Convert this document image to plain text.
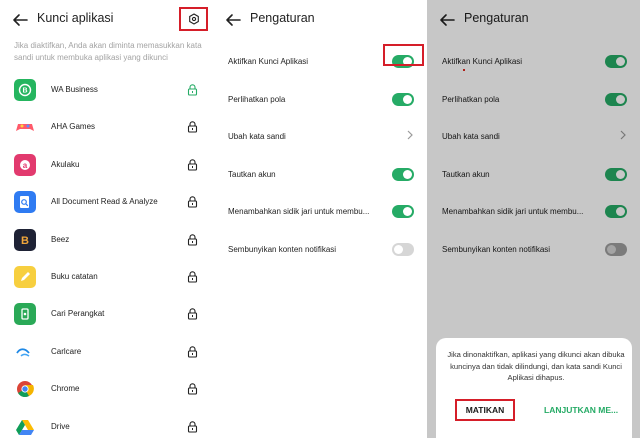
Kunci aplikasi
Jika diaktifkan, Anda akan diminta memasukkan kata sandi untuk membuka aplikasi yang dikunci
B	WA Business
AHA Games
a	Akulaku
All Document Read & Analyze
B	Beez
Buku catatan
Cari Perangkat
Carlcare
Chrome
Drive
Pengaturan
Aktifkan Kunci Aplikasi
Perlihatkan pola
Ubah kata sandi
Tautkan akun
Menambahkan sidik jari untuk membu...
Sembunyikan konten notifikasi
Pengaturan
Aktifkan Kunci Aplikasi
Perlihatkan pola
Ubah kata sandi
Tautkan akun
Menambahkan sidik jari untuk membu...
Sembunyikan konten notifikasi
Jika dinonaktifkan, aplikasi yang dikunci akan dibuka kuncinya dan tidak dilindungi, dan kata sandi Kunci Aplikasi dihapus.
MATIKAN	LANJUTKAN ME...
